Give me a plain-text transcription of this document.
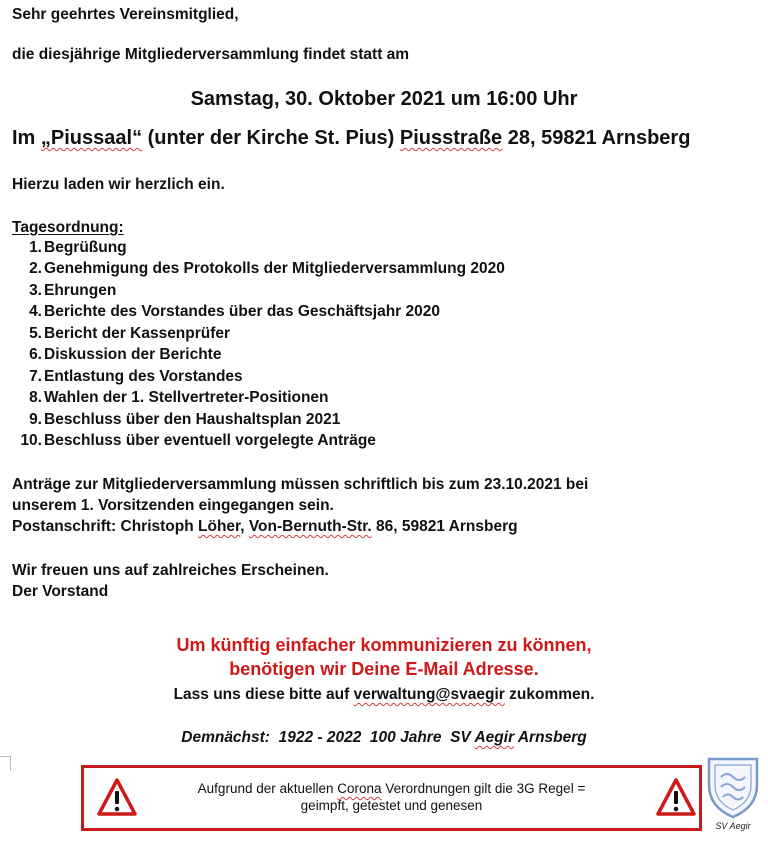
Sehr geehrtes Vereinsmitglied,
die diesjährige Mitgliederversammlung findet statt am
Samstag, 30. Oktober 2021 um 16:00 Uhr
Im „Piussaal“ (unter der Kirche St. Pius) Piusstraße 28, 59821 Arnsberg
Hierzu laden wir herzlich ein.
Tagesordnung:
1. Begrüßung
2. Genehmigung des Protokolls der Mitgliederversammlung 2020
3. Ehrungen
4. Berichte des Vorstandes über das Geschäftsjahr 2020
5. Bericht der Kassenprüfer
6. Diskussion der Berichte
7. Entlastung des Vorstandes
8. Wahlen der 1. Stellvertreter-Positionen
9. Beschluss über den Haushaltsplan 2021
10. Beschluss über eventuell vorgelegte Anträge
Anträge zur Mitgliederversammlung müssen schriftlich bis zum 23.10.2021 bei
unserem 1. Vorsitzenden eingegangen sein.
Postanschrift: Christoph Löher, Von-Bernuth-Str. 86, 59821 Arnsberg
Wir freuen uns auf zahlreiches Erscheinen.
Der Vorstand
Um künftig einfacher kommunizieren zu können,
benötigen wir Deine E-Mail Adresse.
Lass uns diese bitte auf verwaltung@svaegir zukommen.
Demnächst:  1922 - 2022  100 Jahre  SV Aegir Arnsberg
Aufgrund der aktuellen Corona Verordnungen gilt die 3G Regel =
geimpft, getestet und genesen
SV Aegir
